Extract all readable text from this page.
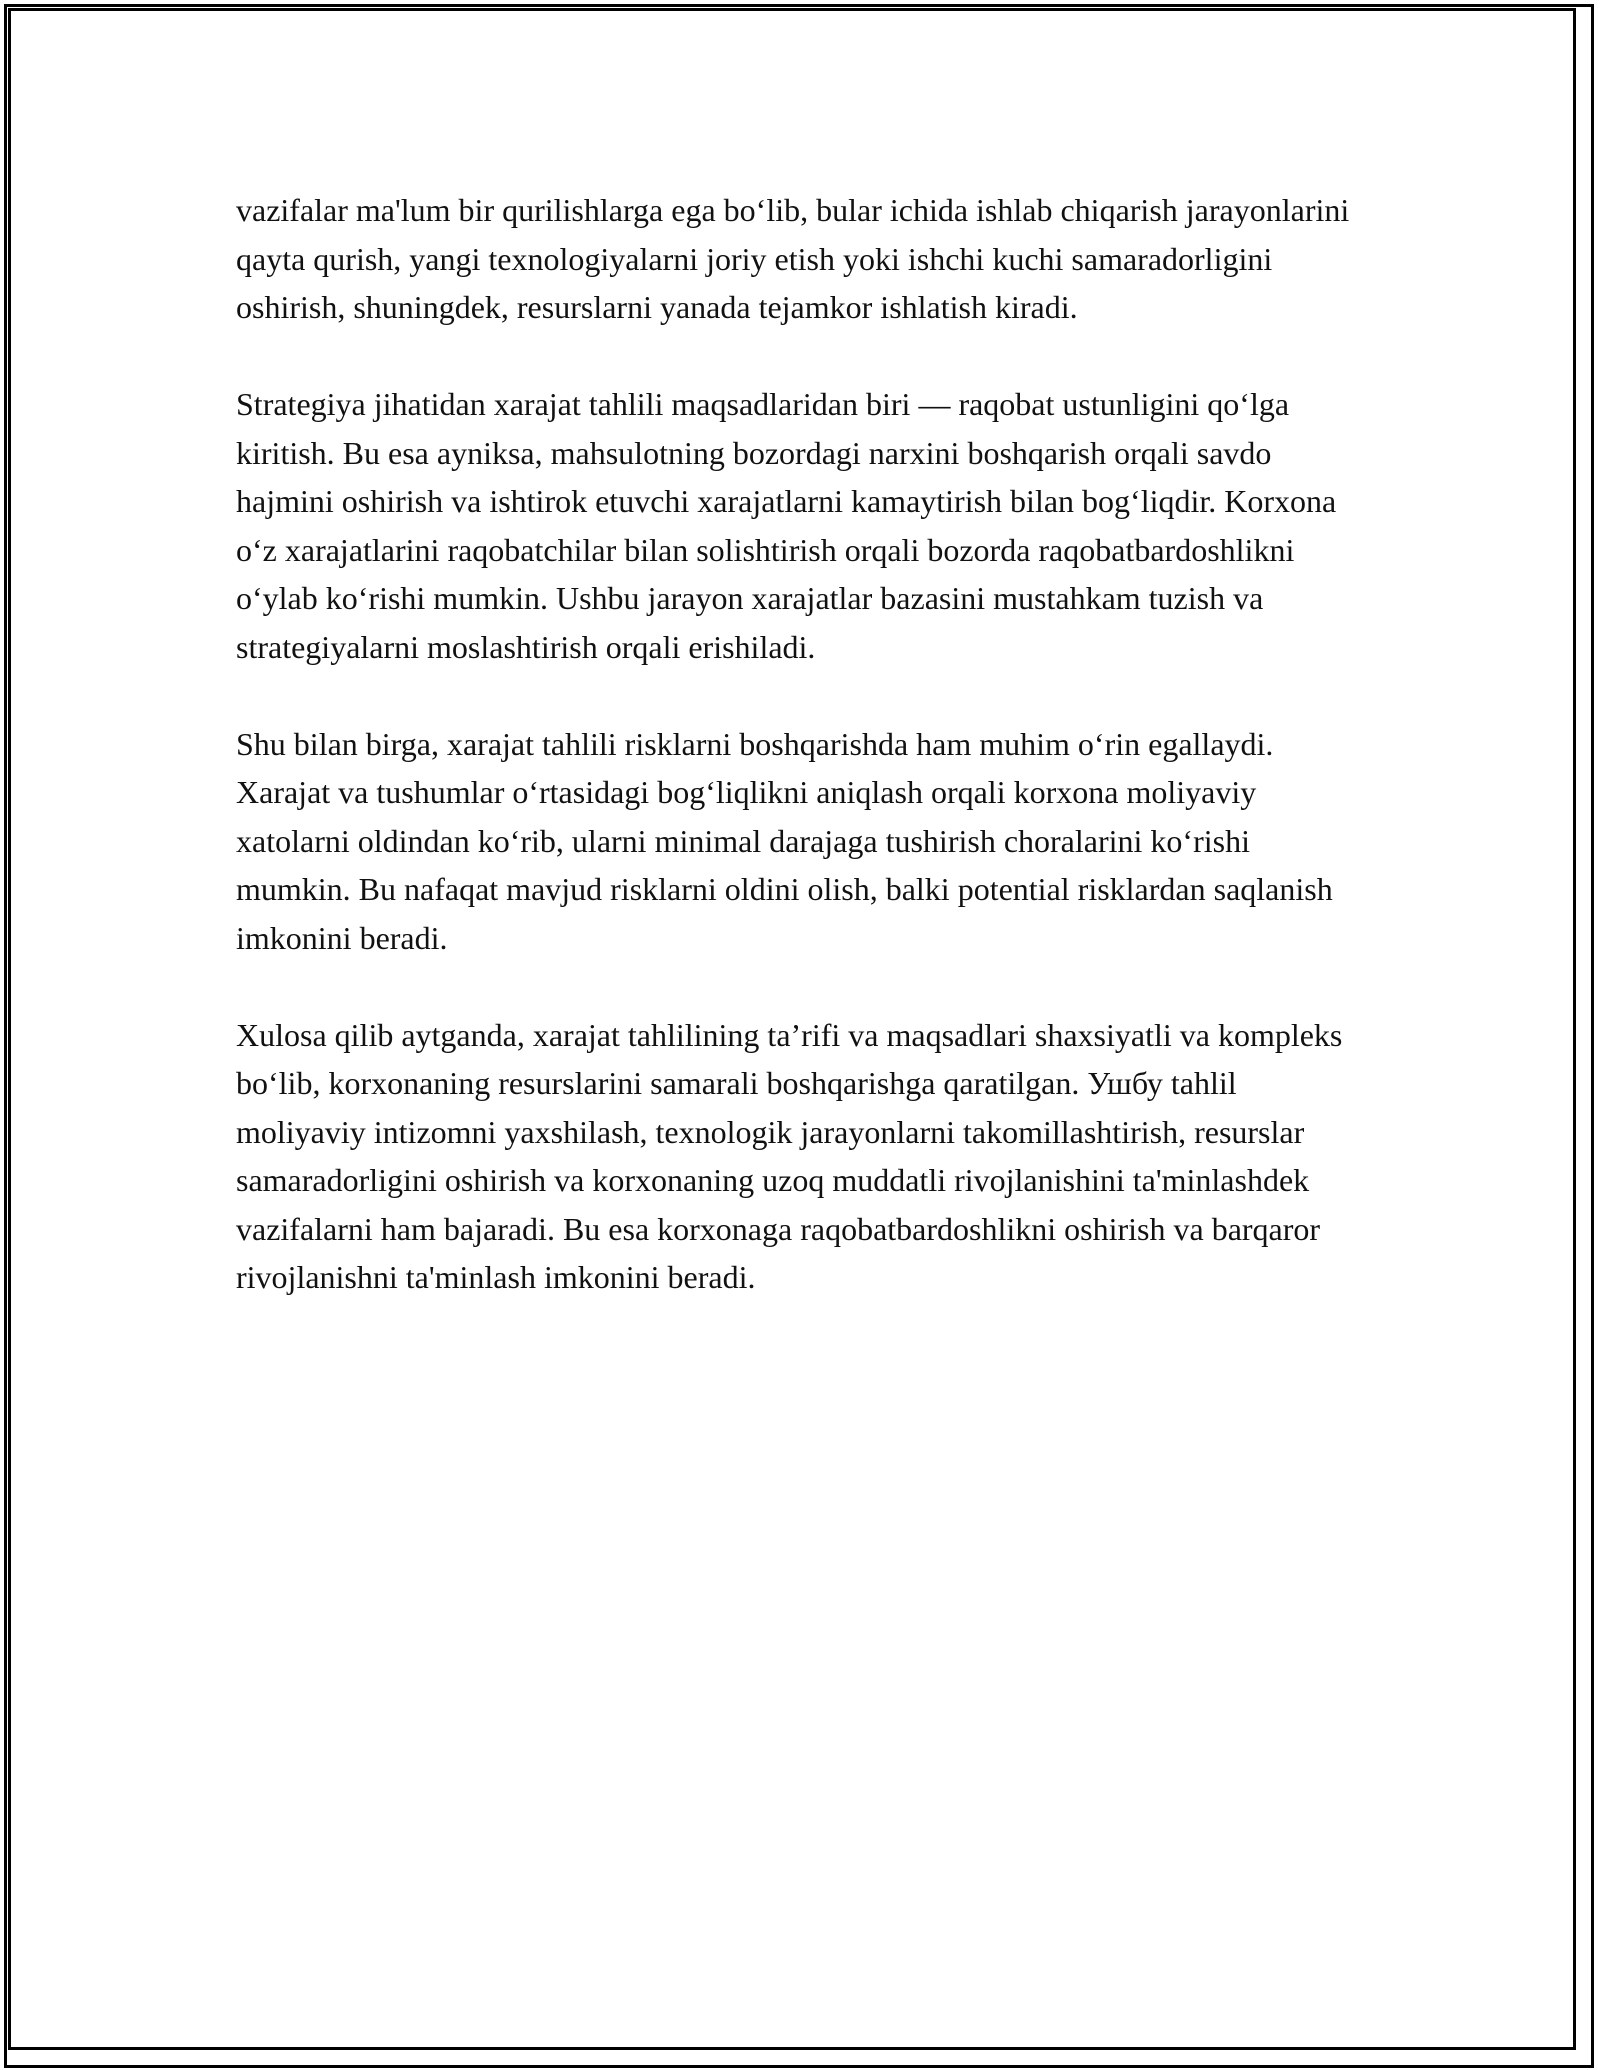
vazifalar ma'lum bir qurilishlarga ega bo‘lib, bular ichida ishlab chiqarish jarayonlarini qayta qurish, yangi texnologiyalarni joriy etish yoki ishchi kuchi samaradorligini oshirish, shuningdek, resurslarni yanada tejamkor ishlatish kiradi.

Strategiya jihatidan xarajat tahlili maqsadlaridan biri — raqobat ustunligini qo‘lga kiritish. Bu esa ayniksa, mahsulotning bozordagi narxini boshqarish orqali savdo hajmini oshirish va ishtirok etuvchi xarajatlarni kamaytirish bilan bog‘liqdir. Korxona o‘z xarajatlarini raqobatchilar bilan solishtirish orqali bozorda raqobatbardoshlikni o‘ylab ko‘rishi mumkin. Ushbu jarayon xarajatlar bazasini mustahkam tuzish va strategiyalarni moslashtirish orqali erishiladi.

Shu bilan birga, xarajat tahlili risklarni boshqarishda ham muhim o‘rin egallaydi. Xarajat va tushumlar o‘rtasidagi bog‘liqlikni aniqlash orqali korxona moliyaviy xatolarni oldindan ko‘rib, ularni minimal darajaga tushirish choralarini ko‘rishi mumkin. Bu nafaqat mavjud risklarni oldini olish, balki potential risklardan saqlanish imkonini beradi.

Xulosa qilib aytganda, xarajat tahlilining ta’rifi va maqsadlari shaxsiyatli va kompleks bo‘lib, korxonaning resurslarini samarali boshqarishga qaratilgan. Ушбу tahlil moliyaviy intizomni yaxshilash, texnologik jarayonlarni takomillashtirish, resurslar samaradorligini oshirish va korxonaning uzoq muddatli rivojlanishini ta'minlashdek vazifalarni ham bajaradi. Bu esa korxonaga raqobatbardoshlikni oshirish va barqaror rivojlanishni ta'minlash imkonini beradi.
